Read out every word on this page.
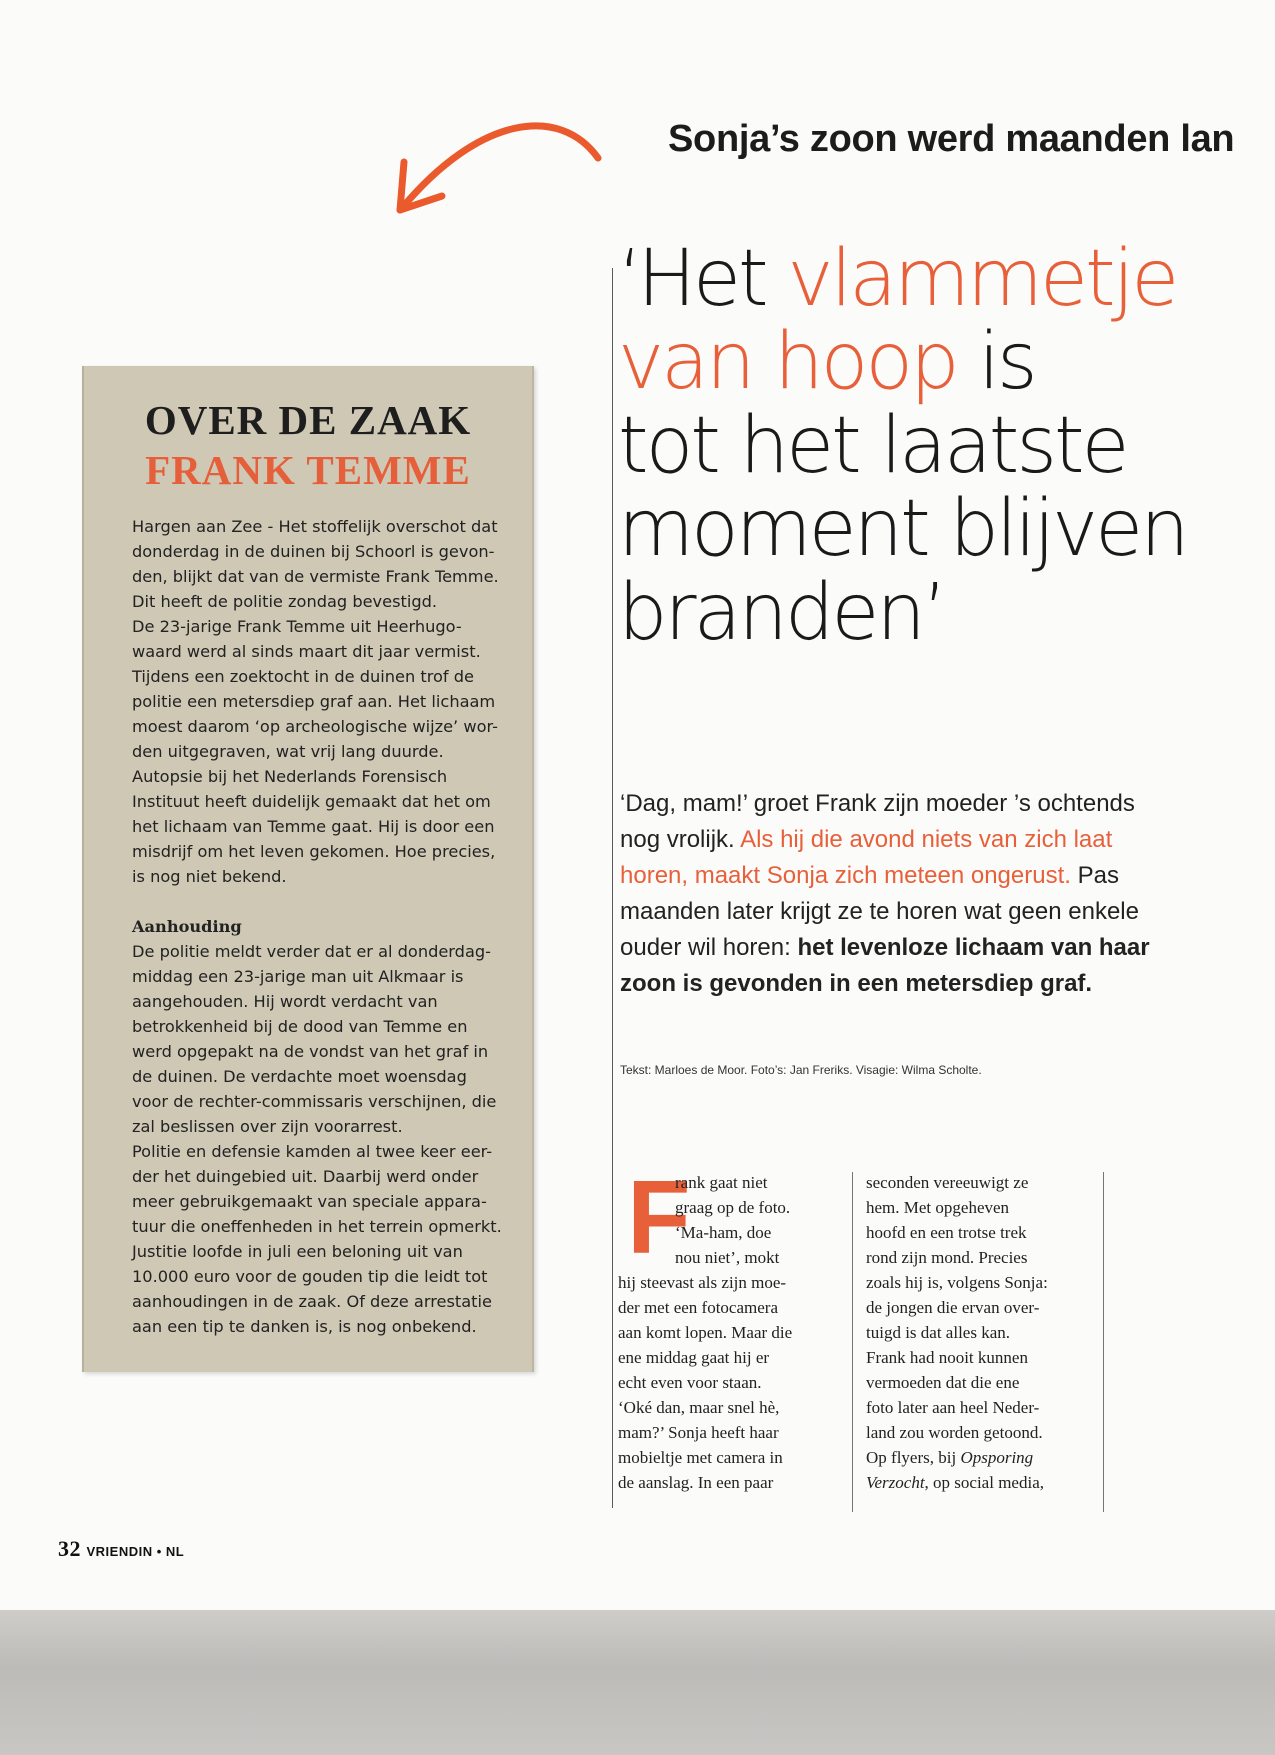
Sonja’s zoon werd maanden lan
‘Het vlammetje
van hoop is
tot het laatste
moment blijven
branden’
‘Dag, mam!’ groet Frank zijn moeder ’s ochtends nog vrolijk. Als hij die avond niets van zich laat horen, maakt Sonja zich meteen ongerust. Pas maanden later krijgt ze te horen wat geen enkele ouder wil horen: het levenloze lichaam van haar zoon is gevonden in een metersdiep graf.
Tekst: Marloes de Moor. Foto’s: Jan Freriks. Visagie: Wilma Scholte.
OVER DE ZAAK
FRANK TEMME

Hargen aan Zee - Het stoffelijk overschot dat
donderdag in de duinen bij Schoorl is gevon-
den, blijkt dat van de vermiste Frank Temme.
Dit heeft de politie zondag bevestigd.
De 23-jarige Frank Temme uit Heerhugo-
waard werd al sinds maart dit jaar vermist.
Tijdens een zoektocht in de duinen trof de
politie een metersdiep graf aan. Het lichaam
moest daarom ‘op archeologische wijze’ wor-
den uitgegraven, wat vrij lang duurde.
Autopsie bij het Nederlands Forensisch
Instituut heeft duidelijk gemaakt dat het om
het lichaam van Temme gaat. Hij is door een
misdrijf om het leven gekomen. Hoe precies,
is nog niet bekend.

Aanhouding

De politie meldt verder dat er al donderdag-
middag een 23-jarige man uit Alkmaar is
aangehouden. Hij wordt verdacht van
betrokkenheid bij de dood van Temme en
werd opgepakt na de vondst van het graf in
de duinen. De verdachte moet woensdag
voor de rechter-commissaris verschijnen, die
zal beslissen over zijn voorarrest.
Politie en defensie kamden al twee keer eer-
der het duingebied uit. Daarbij werd onder
meer gebruikgemaakt van speciale appara-
tuur die oneffenheden in het terrein opmerkt.
Justitie loofde in juli een beloning uit van
10.000 euro voor de gouden tip die leidt tot
aanhoudingen in de zaak. Of deze arrestatie
aan een tip te danken is, is nog onbekend.

F
rank gaat niet
graag op de foto.
‘Ma-ham, doe
nou niet’, mokt
hij steevast als zijn moe-
der met een fotocamera
aan komt lopen. Maar die
ene middag gaat hij er
echt even voor staan.
‘Oké dan, maar snel hè,
mam?’ Sonja heeft haar
mobieltje met camera in
de aanslag. In een paar
seconden vereeuwigt ze
hem. Met opgeheven
hoofd en een trotse trek
rond zijn mond. Precies
zoals hij is, volgens Sonja:
de jongen die ervan over-
tuigd is dat alles kan.
Frank had nooit kunnen
vermoeden dat die ene
foto later aan heel Neder-
land zou worden getoond.
Op flyers, bij Opsporing
Verzocht, op social media,
32 VRIENDIN • NL
